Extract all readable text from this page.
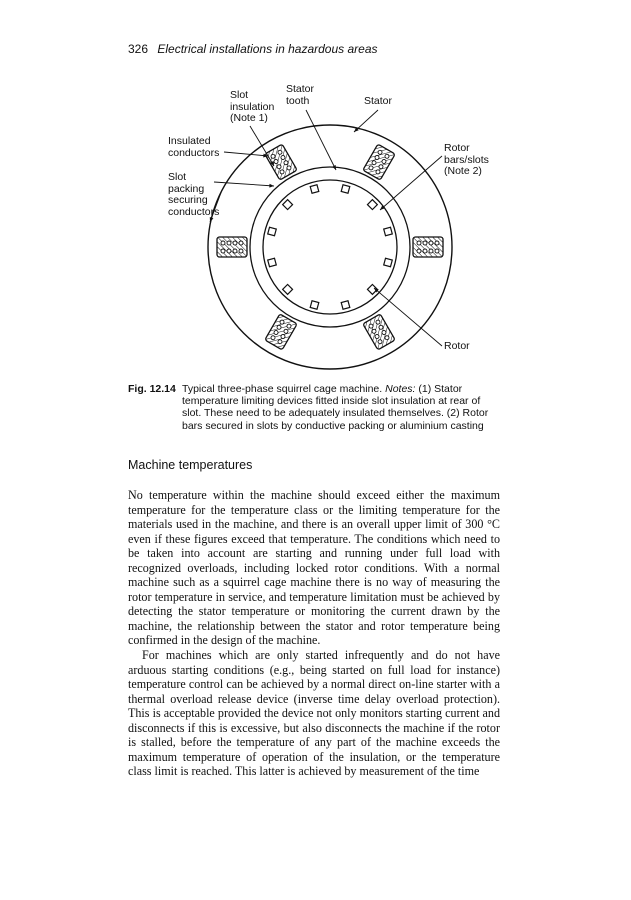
326 Electrical installations in hazardous areas
Slot
insulation
(Note 1)
Stator
tooth	Stator
Insulated
conductors
Slot
packing
securing
conductors
Rotor
bars/slots
(Note 2)
Rotor
Fig. 12.14 Typical three-phase squirrel cage machine. Notes: (1) Stator temperature limiting devices fitted inside slot insulation at rear of slot. These need to be adequately insulated themselves. (2) Rotor bars secured in slots by conductive packing or aluminium casting
Machine temperatures

No temperature within the machine should exceed either the maximum temperature for the temperature class or the limiting temperature for the materials used in the machine, and there is an overall upper limit of 300 °C even if these figures exceed that temperature. The conditions which need to be taken into account are starting and running under full load with recognized overloads, including locked rotor conditions. With a normal machine such as a squirrel cage machine there is no way of measuring the rotor temperature in service, and temperature limitation must be achieved by detecting the stator temperature or monitoring the current drawn by the machine, the relationship between the stator and rotor temperature being confirmed in the design of the machine.

For machines which are only started infrequently and do not have arduous starting conditions (e.g., being started on full load for instance) temperature control can be achieved by a normal direct on-line starter with a thermal overload release device (inverse time delay overload protection). This is acceptable provided the device not only monitors starting current and disconnects if this is excessive, but also disconnects the machine if the rotor is stalled, before the temperature of any part of the machine exceeds the maximum temperature of operation of the insulation, or the temperature class limit is reached. This latter is achieved by measurement of the time
